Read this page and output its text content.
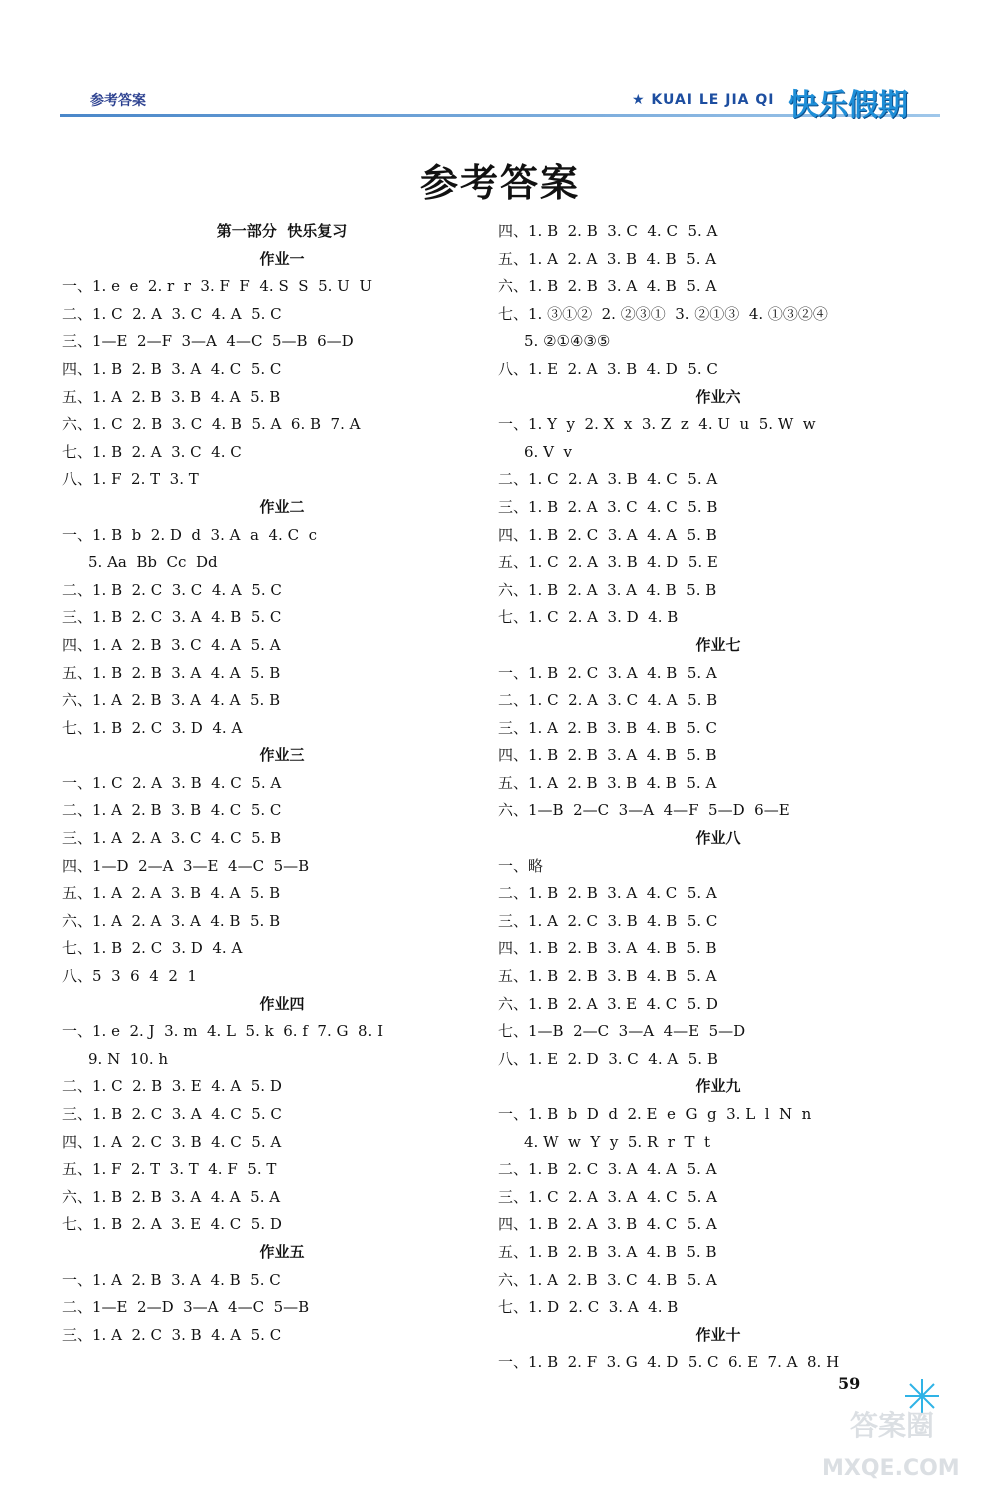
参考答案	★ KUAI LE JIA QI 快乐假期
参考答案
第一部分  快乐复习
作业一
一、1. e  e  2. r  r  3. F  F  4. S  S  5. U  U
二、1. C  2. A  3. C  4. A  5. C
三、1—E  2—F  3—A  4—C  5—B  6—D
四、1. B  2. B  3. A  4. C  5. C
五、1. A  2. B  3. B  4. A  5. B
六、1. C  2. B  3. C  4. B  5. A  6. B  7. A
七、1. B  2. A  3. C  4. C
八、1. F  2. T  3. T
作业二
一、1. B  b  2. D  d  3. A  a  4. C  c
5. Aa  Bb  Cc  Dd
二、1. B  2. C  3. C  4. A  5. C
三、1. B  2. C  3. A  4. B  5. C
四、1. A  2. B  3. C  4. A  5. A
五、1. B  2. B  3. A  4. A  5. B
六、1. A  2. B  3. A  4. A  5. B
七、1. B  2. C  3. D  4. A
作业三
一、1. C  2. A  3. B  4. C  5. A
二、1. A  2. B  3. B  4. C  5. C
三、1. A  2. A  3. C  4. C  5. B
四、1—D  2—A  3—E  4—C  5—B
五、1. A  2. A  3. B  4. A  5. B
六、1. A  2. A  3. A  4. B  5. B
七、1. B  2. C  3. D  4. A
八、5  3  6  4  2  1
作业四
一、1. e  2. J  3. m  4. L  5. k  6. f  7. G  8. I
9. N  10. h
二、1. C  2. B  3. E  4. A  5. D
三、1. B  2. C  3. A  4. C  5. C
四、1. A  2. C  3. B  4. C  5. A
五、1. F  2. T  3. T  4. F  5. T
六、1. B  2. B  3. A  4. A  5. A
七、1. B  2. A  3. E  4. C  5. D
作业五
一、1. A  2. B  3. A  4. B  5. C
二、1—E  2—D  3—A  4—C  5—B
三、1. A  2. C  3. B  4. A  5. C
四、1. B  2. B  3. C  4. C  5. A
五、1. A  2. A  3. B  4. B  5. A
六、1. B  2. B  3. A  4. B  5. A
七、1. ③①②  2. ②③①  3. ②①③  4. ①③②④
5. ②①④③⑤
八、1. E  2. A  3. B  4. D  5. C
作业六
一、1. Y  y  2. X  x  3. Z  z  4. U  u  5. W  w
6. V  v
二、1. C  2. A  3. B  4. C  5. A
三、1. B  2. A  3. C  4. C  5. B
四、1. B  2. C  3. A  4. A  5. B
五、1. C  2. A  3. B  4. D  5. E
六、1. B  2. A  3. A  4. B  5. B
七、1. C  2. A  3. D  4. B
作业七
一、1. B  2. C  3. A  4. B  5. A
二、1. C  2. A  3. C  4. A  5. B
三、1. A  2. B  3. B  4. B  5. C
四、1. B  2. B  3. A  4. B  5. B
五、1. A  2. B  3. B  4. B  5. A
六、1—B  2—C  3—A  4—F  5—D  6—E
作业八
一、略
二、1. B  2. B  3. A  4. C  5. A
三、1. A  2. C  3. B  4. B  5. C
四、1. B  2. B  3. A  4. B  5. B
五、1. B  2. B  3. B  4. B  5. A
六、1. B  2. A  3. E  4. C  5. D
七、1—B  2—C  3—A  4—E  5—D
八、1. E  2. D  3. C  4. A  5. B
作业九
一、1. B  b  D  d  2. E  e  G  g  3. L  l  N  n
4. W  w  Y  y  5. R  r  T  t
二、1. B  2. C  3. A  4. A  5. A
三、1. C  2. A  3. A  4. C  5. A
四、1. B  2. A  3. B  4. C  5. A
五、1. B  2. B  3. A  4. B  5. B
六、1. A  2. B  3. C  4. B  5. A
七、1. D  2. C  3. A  4. B
作业十
一、1. B  2. F  3. G  4. D  5. C  6. E  7. A  8. H
答案圈
MXQE.COM
59
